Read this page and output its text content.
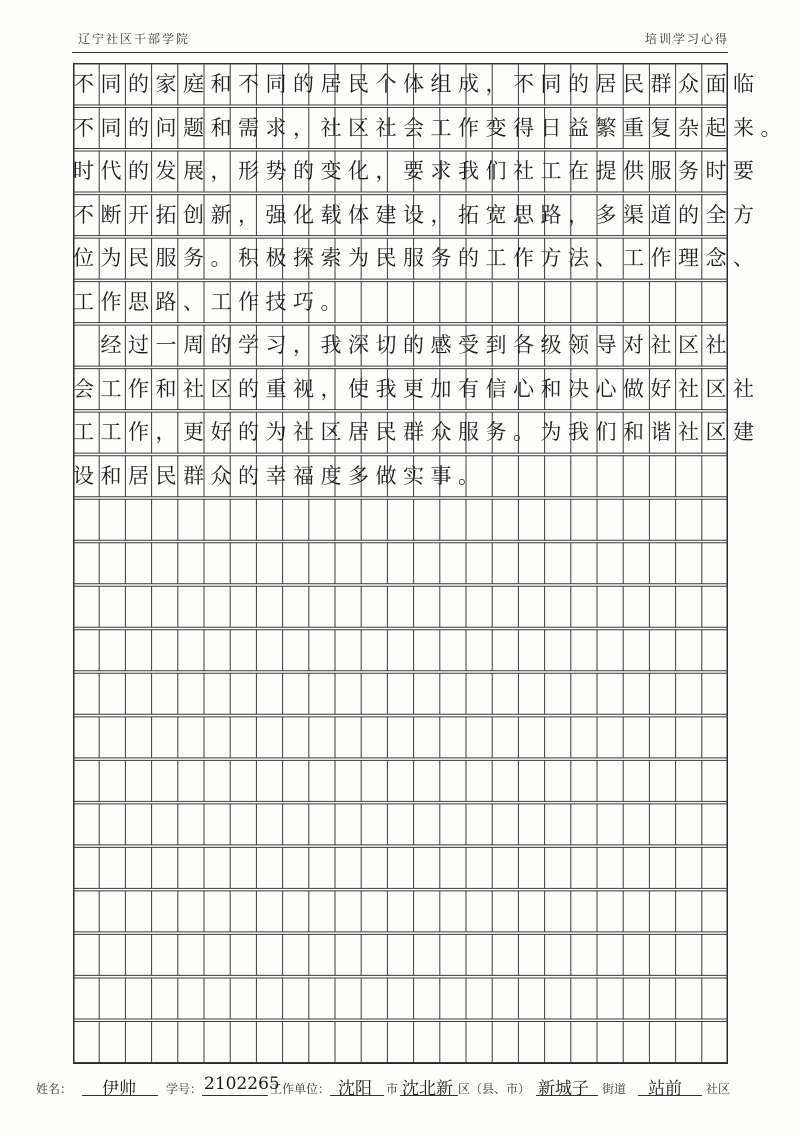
辽宁社区干部学院	培训学习心得
不同的家庭和不同的居民个体组成，不同的居民群众面临
不同的问题和需求，社区社会工作变得日益繁重复杂起来。
时代的发展，形势的变化，要求我们社工在提供服务时要
不断开拓创新，强化载体建设，拓宽思路，多渠道的全方
位为民服务。积极探索为民服务的工作方法、工作理念、
工作思路、工作技巧。
　经过一周的学习，我深切的感受到各级领导对社区社
会工作和社区的重视，使我更加有信心和决心做好社区社
工工作，更好的为社区居民群众服务。为我们和谐社区建
设和居民群众的幸福度多做实事。
姓名： 伊帅	学号： 2102265
工作单位： 沈阳 市 沈北新 区（县、市） 新城子 街道 站前 社区
